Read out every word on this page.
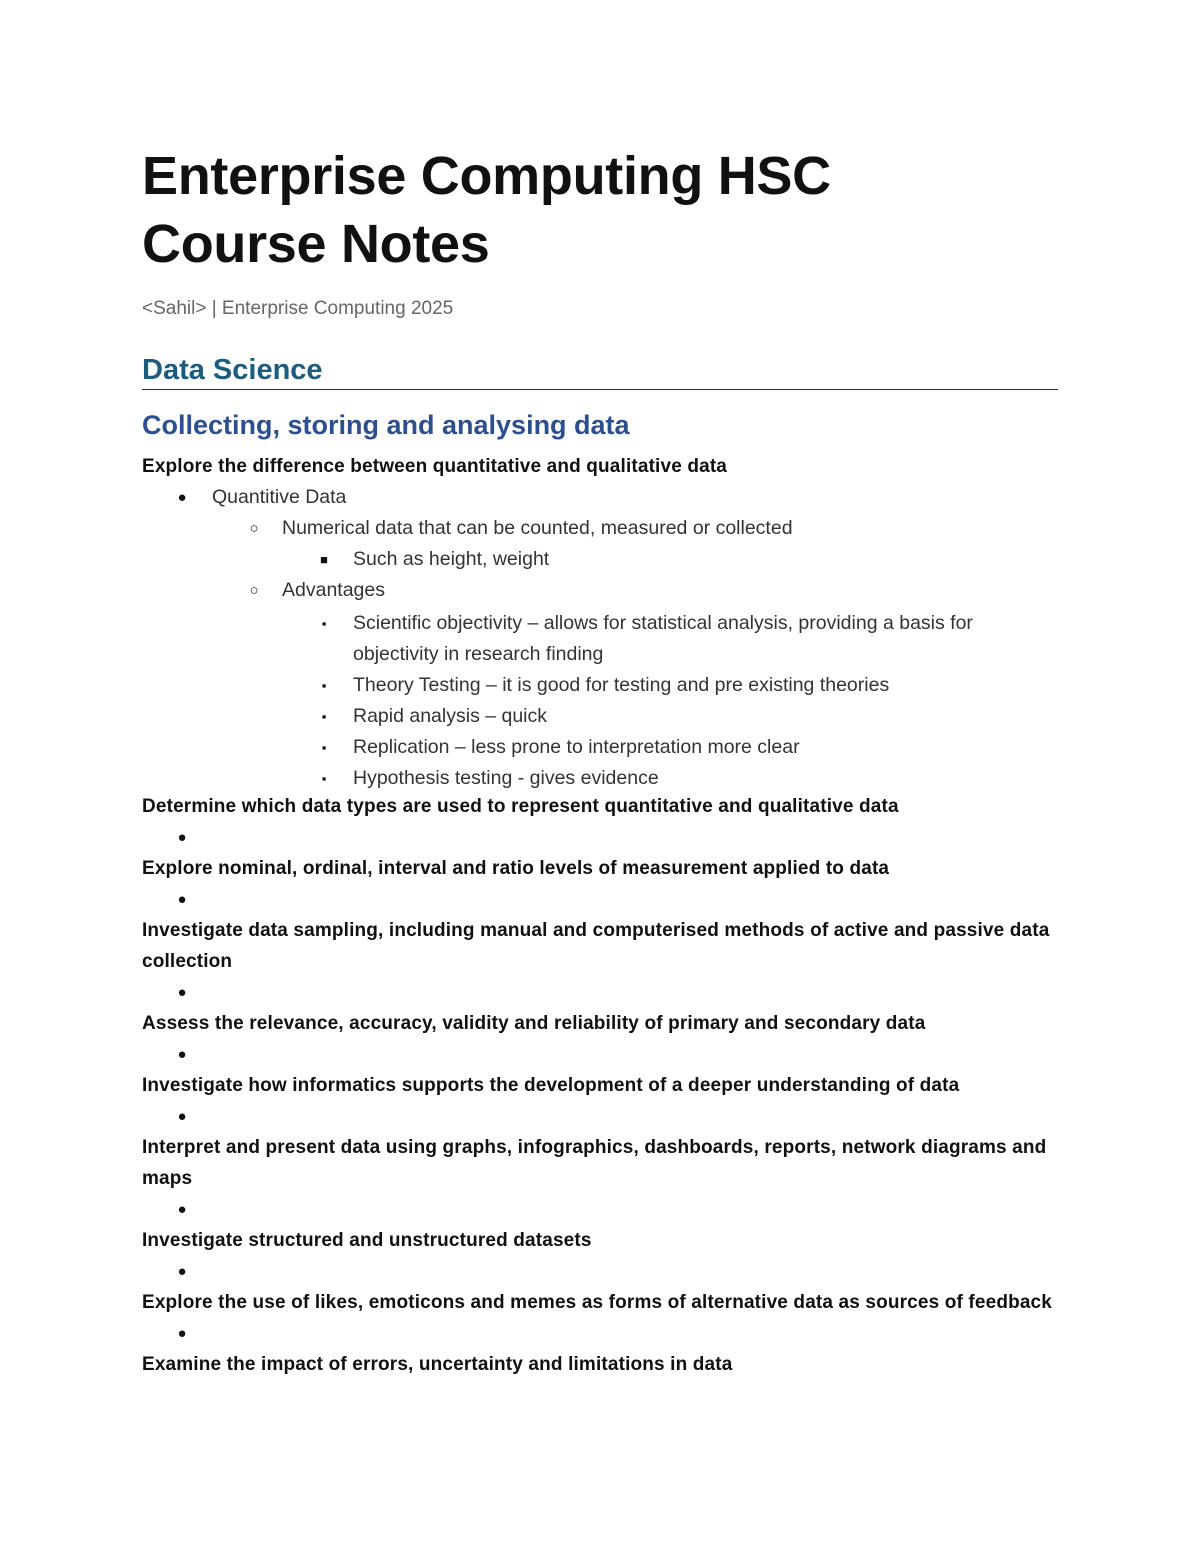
Enterprise Computing HSC
Course Notes
<Sahil> | Enterprise Computing 2025
Data Science
Collecting, storing and analysing data

Explore the difference between quantitative and qualitative data

● Quantitive Data
○ Numerical data that can be counted, measured or collected
■	Such as height, weight
○ Advantages
▪	Scientific objectivity – allows for statistical analysis, providing a basis for objectivity in research finding
▪	Theory Testing – it is good for testing and pre existing theories
▪	Rapid analysis – quick
▪	Replication – less prone to interpretation more clear
▪	Hypothesis testing - gives evidence

Determine which data types are used to represent quantitative and qualitative data

●

Explore nominal, ordinal, interval and ratio levels of measurement applied to data

●

Investigate data sampling, including manual and computerised methods of active and passive data collection

●

Assess the relevance, accuracy, validity and reliability of primary and secondary data

●

Investigate how informatics supports the development of a deeper understanding of data

●

Interpret and present data using graphs, infographics, dashboards, reports, network diagrams and maps

●

Investigate structured and unstructured datasets

●

Explore the use of likes, emoticons and memes as forms of alternative data as sources of feedback

●

Examine the impact of errors, uncertainty and limitations in data
